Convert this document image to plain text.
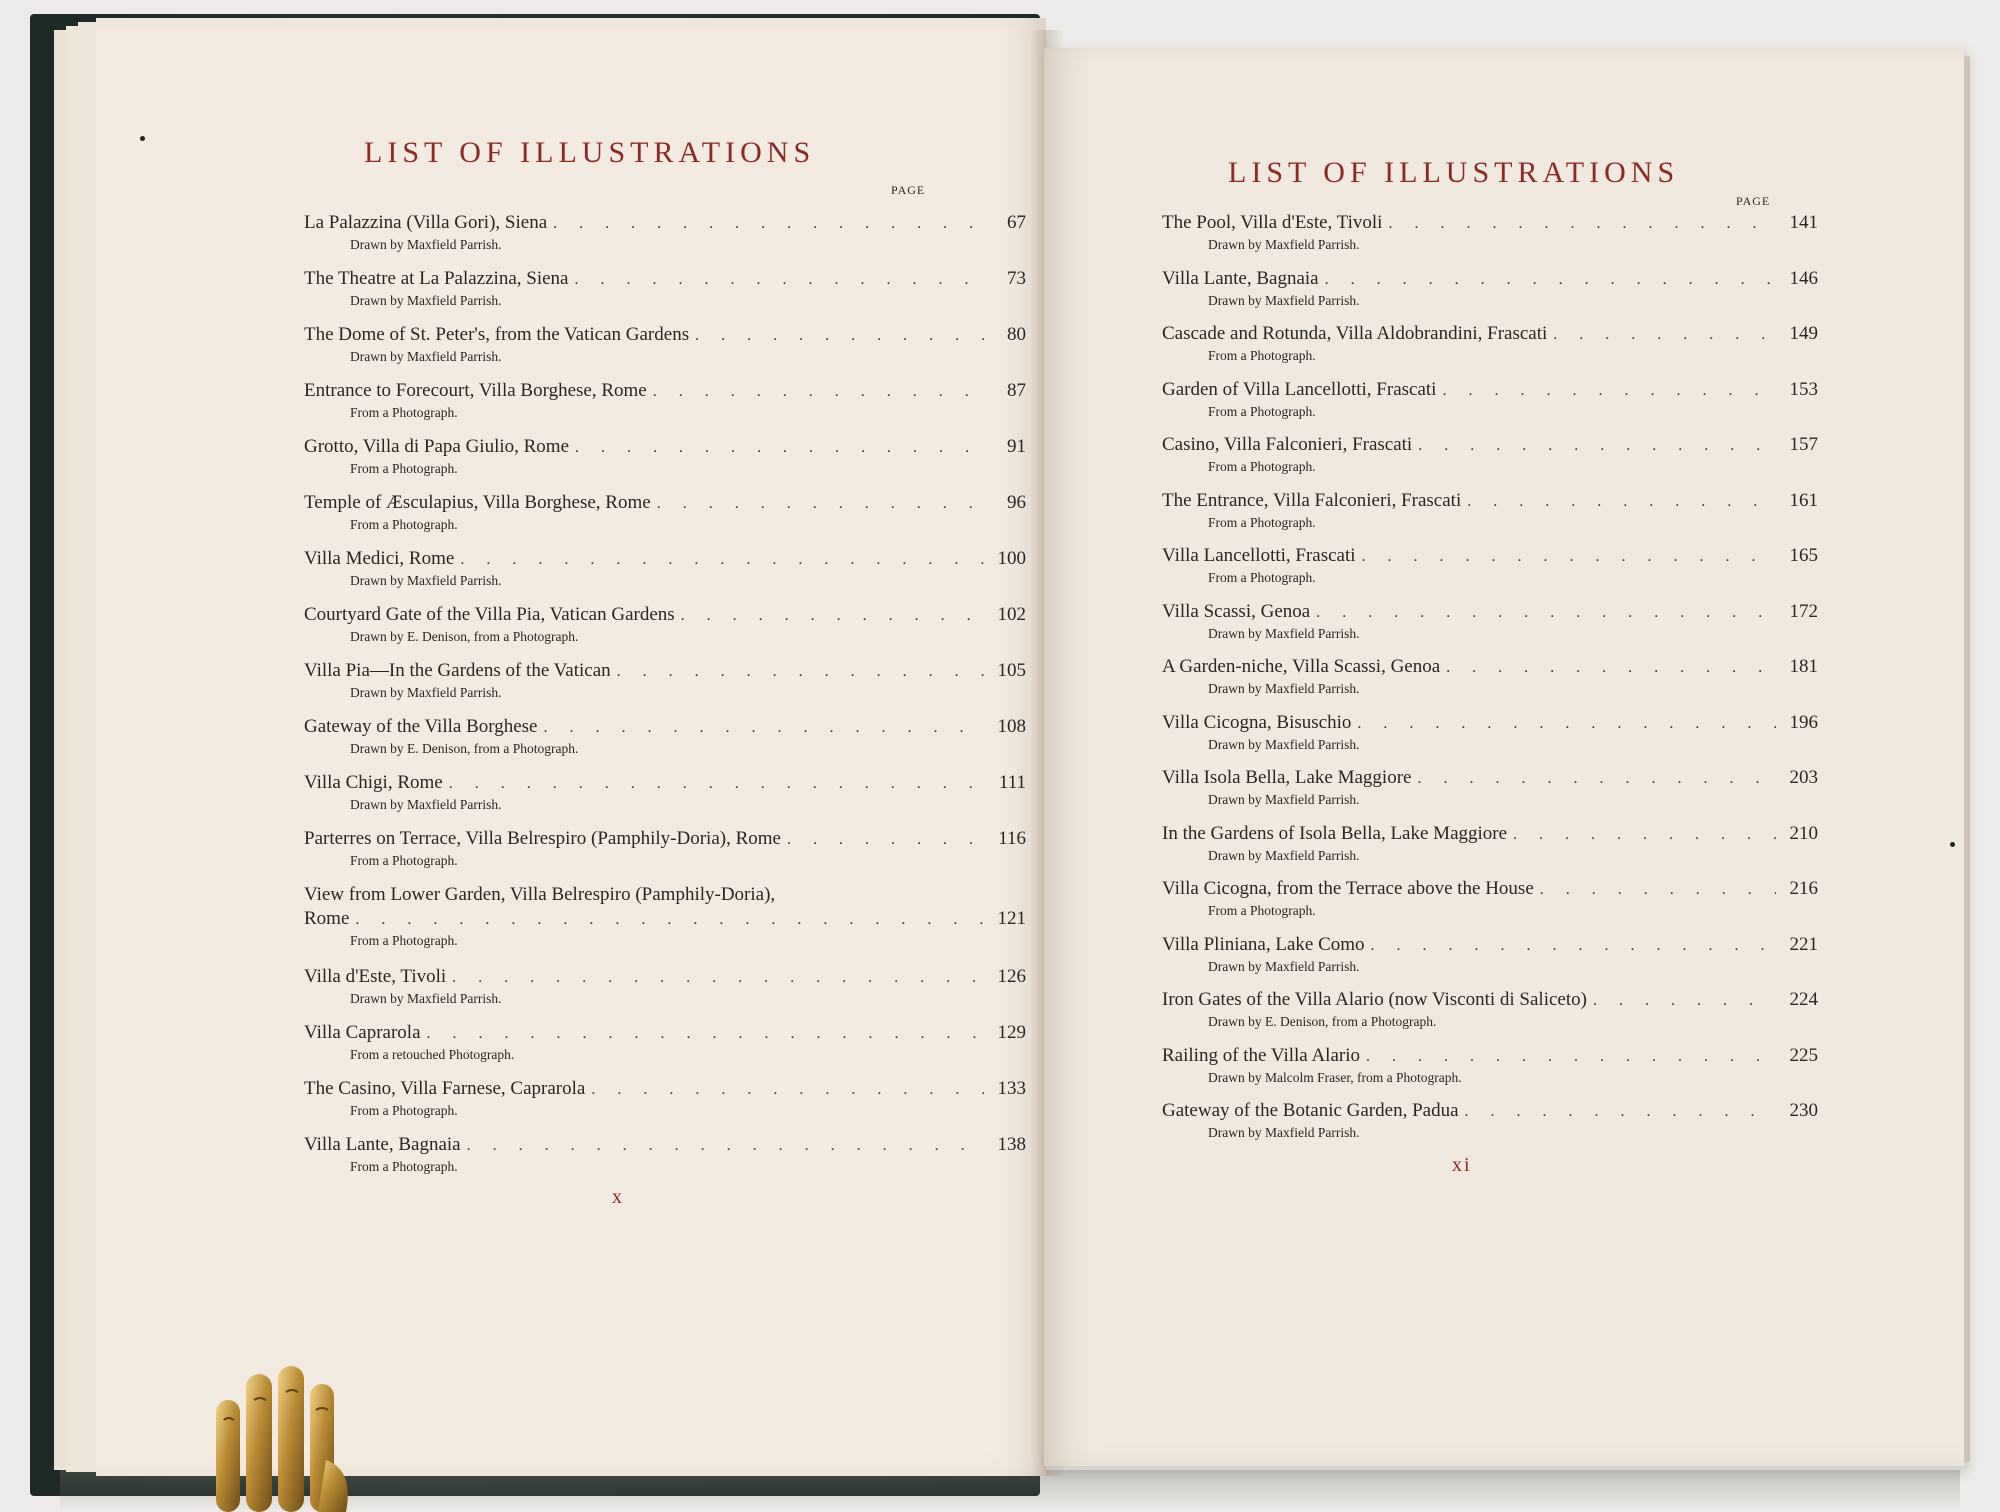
LIST OF ILLUSTRATIONS
PAGE
La Palazzina (Villa Gori), Siena . . .	67
Drawn by Maxfield Parrish.
The Theatre at La Palazzina, Siena . . .	73
Drawn by Maxfield Parrish.
The Dome of St. Peter's, from the Vatican Gardens . . .	80
Drawn by Maxfield Parrish.
Entrance to Forecourt, Villa Borghese, Rome . . .	87
From a Photograph.
Grotto, Villa di Papa Giulio, Rome . . .	91
From a Photograph.
Temple of Æsculapius, Villa Borghese, Rome . . .	96
From a Photograph.
Villa Medici, Rome . . .	100
Drawn by Maxfield Parrish.
Courtyard Gate of the Villa Pia, Vatican Gardens . . .	102
Drawn by E. Denison, from a Photograph.
Villa Pia—In the Gardens of the Vatican . . .	105
Drawn by Maxfield Parrish.
Gateway of the Villa Borghese . . .	108
Drawn by E. Denison, from a Photograph.
Villa Chigi, Rome . . .	111
Drawn by Maxfield Parrish.
Parterres on Terrace, Villa Belrespiro (Pamphily-Doria), Rome . . .	116
From a Photograph.
View from Lower Garden, Villa Belrespiro (Pamphily-Doria),
Rome . . .	121
From a Photograph.
Villa d'Este, Tivoli . . .	126
Drawn by Maxfield Parrish.
Villa Caprarola . . .	129
From a retouched Photograph.
The Casino, Villa Farnese, Caprarola . . .	133
From a Photograph.
Villa Lante, Bagnaia . . .	138
From a Photograph.
x
LIST OF ILLUSTRATIONS
PAGE
The Pool, Villa d'Este, Tivoli . . .	141
Drawn by Maxfield Parrish.
Villa Lante, Bagnaia . . .	146
Drawn by Maxfield Parrish.
Cascade and Rotunda, Villa Aldobrandini, Frascati . . .	149
From a Photograph.
Garden of Villa Lancellotti, Frascati . . .	153
From a Photograph.
Casino, Villa Falconieri, Frascati . . .	157
From a Photograph.
The Entrance, Villa Falconieri, Frascati . . .	161
From a Photograph.
Villa Lancellotti, Frascati . . .	165
From a Photograph.
Villa Scassi, Genoa . . .	172
Drawn by Maxfield Parrish.
A Garden-niche, Villa Scassi, Genoa . . .	181
Drawn by Maxfield Parrish.
Villa Cicogna, Bisuschio . . .	196
Drawn by Maxfield Parrish.
Villa Isola Bella, Lake Maggiore . . .	203
Drawn by Maxfield Parrish.
In the Gardens of Isola Bella, Lake Maggiore . . .	210
Drawn by Maxfield Parrish.
Villa Cicogna, from the Terrace above the House . . .	216
From a Photograph.
Villa Pliniana, Lake Como . . .	221
Drawn by Maxfield Parrish.
Iron Gates of the Villa Alario (now Visconti di Saliceto) . . .	224
Drawn by E. Denison, from a Photograph.
Railing of the Villa Alario . . .	225
Drawn by Malcolm Fraser, from a Photograph.
Gateway of the Botanic Garden, Padua . . .	230
Drawn by Maxfield Parrish.
xi
